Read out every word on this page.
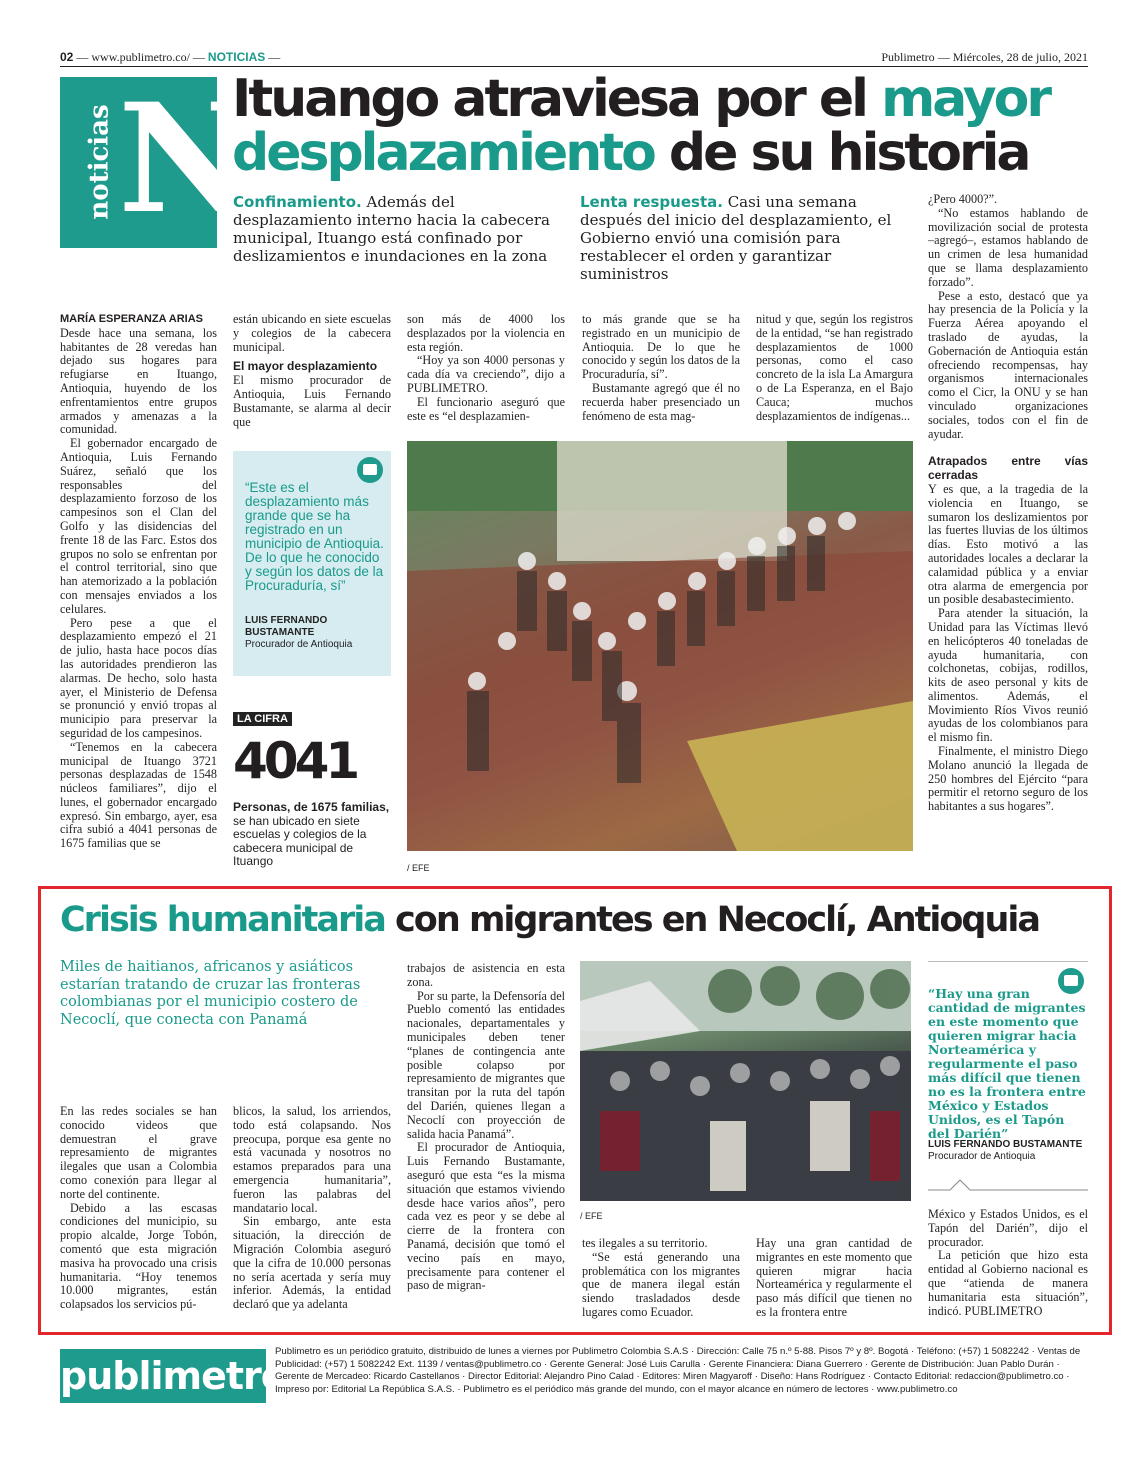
02 — www.publimetro.co/ — NOTICIAS —	Publimetro — Miércoles, 28 de julio, 2021
noticias N
Ituango atraviesa por el mayor
desplazamiento de su historia
Confinamiento. Además del desplazamiento interno hacia la cabecera municipal, Ituango está confinado por deslizamientos e inundaciones en la zona
Lenta respuesta. Casi una semana después del inicio del desplazamiento, el Gobierno envió una comisión para restablecer el orden y garantizar suministros

MARÍA ESPERANZA ARIAS

Desde hace una semana, los habitantes de 28 veredas han dejado sus hogares para refugiarse en Ituango, Antioquia, huyendo de los enfrentamientos entre grupos armados y amenazas a la comunidad.

El gobernador encargado de Antioquia, Luis Fernando Suárez, señaló que los responsables del desplazamiento forzoso de los campesinos son el Clan del Golfo y las disidencias del frente 18 de las Farc. Estos dos grupos no solo se enfrentan por el control territorial, sino que han atemorizado a la población con mensajes enviados a los celulares.

Pero pese a que el desplazamiento empezó el 21 de julio, hasta hace pocos días las autoridades prendieron las alarmas. De hecho, solo hasta ayer, el Ministerio de Defensa se pronunció y envió tropas al municipio para preservar la seguridad de los campesinos.

“Tenemos en la cabecera municipal de Ituango 3721 personas desplazadas de 1548 núcleos familiares”, dijo el lunes, el gobernador encargado expresó. Sin embargo, ayer, esa cifra subió a 4041 personas de 1675 familias que se

están ubicando en siete escuelas y colegios de la cabecera municipal.

El mayor desplazamiento

El mismo procurador de Antioquia, Luis Fernando Bustamante, se alarma al decir que

“Este es el desplazamiento más grande que se ha registrado en un municipio de Antioquia. De lo que he conocido y según los datos de la Procuraduría, sí”
LUIS FERNANDO BUSTAMANTE
Procurador de Antioquia
LA CIFRA
4041
Personas, de 1675 familias, se han ubicado en siete escuelas y colegios de la cabecera municipal de Ituango

son más de 4000 los desplazados por la violencia en esta región.

“Hoy ya son 4000 personas y cada día va creciendo”, dijo a PUBLIMETRO.

El funcionario aseguró que este es “el desplazamien-

to más grande que se ha registrado en un municipio de Antioquia. De lo que he conocido y según los datos de la Procuraduría, sí”.

Bustamante agregó que él no recuerda haber presenciado un fenómeno de esta mag-

nitud y que, según los registros de la entidad, “se han registrado desplazamientos de 1000 personas, como el caso concreto de la isla La Amargura o de La Esperanza, en el Bajo Cauca; muchos desplazamientos de indígenas...

/ EFE

¿Pero 4000?”.

“No estamos hablando de movilización social de protesta –agregó–, estamos hablando de un crimen de lesa humanidad que se llama desplazamiento forzado”.

Pese a esto, destacó que ya hay presencia de la Policía y la Fuerza Aérea apoyando el traslado de ayudas, la Gobernación de Antioquia están ofreciendo recompensas, hay organismos internacionales como el Cicr, la ONU y se han vinculado organizaciones sociales, todos con el fin de ayudar.

Atrapados entre vías cerradas

Y es que, a la tragedia de la violencia en Ituango, se sumaron los deslizamientos por las fuertes lluvias de los últimos días. Esto motivó a las autoridades locales a declarar la calamidad pública y a enviar otra alarma de emergencia por un posible desabastecimiento.

Para atender la situación, la Unidad para las Víctimas llevó en helicópteros 40 toneladas de ayuda humanitaria, con colchonetas, cobijas, rodillos, kits de aseo personal y kits de alimentos. Además, el Movimiento Ríos Vivos reunió ayudas de los colombianos para el mismo fin.

Finalmente, el ministro Diego Molano anunció la llegada de 250 hombres del Ejército “para permitir el retorno seguro de los habitantes a sus hogares”.

Crisis humanitaria con migrantes en Necoclí, Antioquia
Miles de haitianos, africanos y asiáticos estarían tratando de cruzar las fronteras colombianas por el municipio costero de Necoclí, que conecta con Panamá

En las redes sociales se han conocido videos que demuestran el grave represamiento de migrantes ilegales que usan a Colombia como conexión para llegar al norte del continente.

Debido a las escasas condiciones del municipio, su propio alcalde, Jorge Tobón, comentó que esta migración masiva ha provocado una crisis humanitaria. “Hoy tenemos 10.000 migrantes, están colapsados los servicios pú-

blicos, la salud, los arriendos, todo está colapsando. Nos preocupa, porque esa gente no está vacunada y nosotros no estamos preparados para una emergencia humanitaria”, fueron las palabras del mandatario local.

Sin embargo, ante esta situación, la dirección de Migración Colombia aseguró que la cifra de 10.000 personas no sería acertada y sería muy inferior. Además, la entidad declaró que ya adelanta

trabajos de asistencia en esta zona.

Por su parte, la Defensoría del Pueblo comentó las entidades nacionales, departamentales y municipales deben tener “planes de contingencia ante posible colapso por represamiento de migrantes que transitan por la ruta del tapón del Darién, quienes llegan a Necoclí con proyección de salida hacia Panamá”.

El procurador de Antioquia, Luis Fernando Bustamante, aseguró que esta “es la misma situación que estamos viviendo desde hace varios años”, pero cada vez es peor y se debe al cierre de la frontera con Panamá, decisión que tomó el vecino país en mayo, precisamente para contener el paso de migran-

/ EFE

tes ilegales a su territorio.

“Se está generando una problemática con los migrantes que de manera ilegal están siendo trasladados desde lugares como Ecuador.

Hay una gran cantidad de migrantes en este momento que quieren migrar hacia Norteamérica y regularmente el paso más difícil que tienen no es la frontera entre

“Hay una gran cantidad de migrantes en este momento que quieren migrar hacia Norteamérica y regularmente el paso más difícil que tienen no es la frontera entre México y Estados Unidos, es el Tapón del Darién”
LUIS FERNANDO BUSTAMANTE
Procurador de Antioquia

México y Estados Unidos, es el Tapón del Darién”, dijo el procurador.

La petición que hizo esta entidad al Gobierno nacional es que “atienda de manera humanitaria esta situación”, indicó. PUBLIMETRO

publimetro
Publimetro es un periódico gratuito, distribuido de lunes a viernes por Publimetro Colombia S.A.S · Dirección: Calle 75 n.º 5-88. Pisos 7º y 8º. Bogotá · Teléfono: (+57) 1 5082242 · Ventas de Publicidad: (+57) 1 5082242 Ext. 1139 / ventas@publimetro.co · Gerente General: José Luis Carulla · Gerente Financiera: Diana Guerrero · Gerente de Distribución: Juan Pablo Durán · Gerente de Mercadeo: Ricardo Castellanos · Director Editorial: Alejandro Pino Calad · Editores: Miren Magyaroff · Diseño: Hans Rodríguez · Contacto Editorial: redaccion@publimetro.co · Impreso por: Editorial La República S.A.S. · Publimetro es el periódico más grande del mundo, con el mayor alcance en número de lectores · www.publimetro.co
